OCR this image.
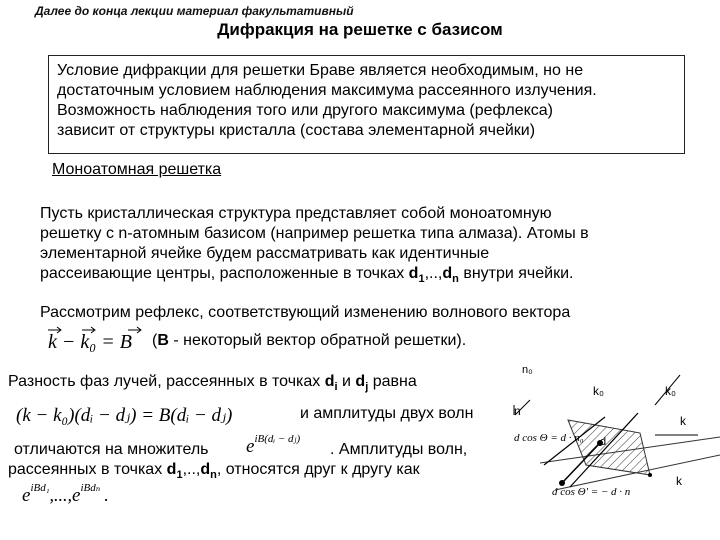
Далее до конца лекции материал факультативный
Дифракция на решетке с базисом
Условие дифракции для решетки Браве является необходимым, но не
достаточным условием наблюдения максимума рассеянного излучения.
Возможность наблюдения того или другого максимума (рефлекса)
зависит от структуры кристалла (состава элементарной ячейки)
Моноатомная решетка
Пусть кристаллическая структура представляет собой моноатомную
решетку с n-атомным базисом (например решетка типа алмаза). Атомы в
элементарной ячейке будем рассматривать как идентичные
рассеивающие центры, расположенные в точках $d_1,..,d_n$ внутри ячейки.
Рассмотрим рефлекс, соответствующий изменению волнового вектора
k − k₀ = B (B - некоторый вектор обратной решетки).
Разность фаз лучей, рассеянных в точках $d_i$ и $d_j$ равна
(k − k₀)(dᵢ − dⱼ) = B(dᵢ − dⱼ)	и амплитуды двух волн
отличаются на множитель $e^{iB(dᵢ - dⱼ)}$
. Амплитуды волн,
рассеянных в точках $d_1,..,d_n$, относятся друг к другу как
$e^{iBd_1},...,e^{iBd_n}$ .
n₀
n
k₀	k₀
k
k
d
d cos Θ = d · n₀
d cos Θ' = − d · n
